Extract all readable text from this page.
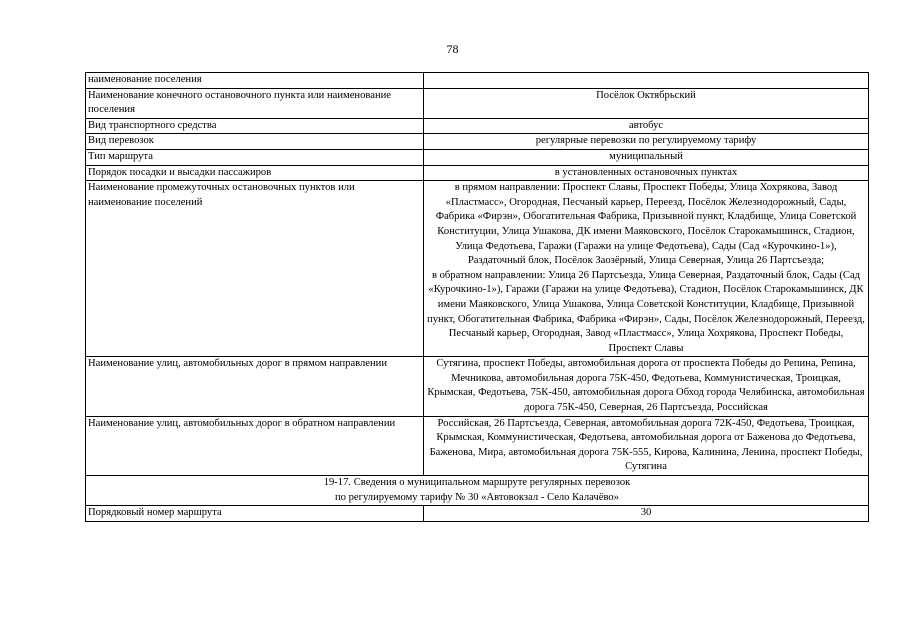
78
наименование поселения	
Наименование конечного остановочного пункта или наименование поселения	Посёлок Октябрьский
Вид транспортного средства	автобус
Вид перевозок	регулярные перевозки по регулируемому тарифу
Тип маршрута	муниципальный
Порядок посадки и высадки пассажиров	в установленных остановочных пунктах
Наименование промежуточных остановочных пунктов или наименование поселений	в прямом направлении: Проспект Славы, Проспект Победы, Улица Хохрякова, Завод «Пластмасс», Огородная, Песчаный карьер, Переезд, Посёлок Железнодорожный, Сады, Фабрика «Фирэн», Обогатительная Фабрика, Призывной пункт, Кладбище, Улица Советской Конституции, Улица Ушакова, ДК имени Маяковского, Посёлок Старокамышинск, Стадион, Улица Федотьева, Гаражи (Гаражи на улице Федотьева), Сады (Сад «Курочкино-1»), Раздаточный блок, Посёлок Заозёрный, Улица Северная, Улица 26 Партсъезда;
в обратном направлении: Улица 26 Партсъезда, Улица Северная, Раздаточный блок, Сады (Сад «Курочкино-1»), Гаражи (Гаражи на улице Федотьева), Стадион, Посёлок Старокамышинск, ДК имени Маяковского, Улица Ушакова, Улица Советской Конституции, Кладбище, Призывной пункт, Обогатительная Фабрика, Фабрика «Фирэн», Сады, Посёлок Железнодорожный, Переезд, Песчаный карьер, Огородная, Завод «Пластмасс», Улица Хохрякова, Проспект Победы, Проспект Славы

Наименование улиц, автомобильных дорог в прямом направлении	Сутягина, проспект Победы, автомобильная дорога от проспекта Победы до Репина, Репина, Мечникова, автомобильная дорога 75К-450, Федотьева, Коммунистическая, Троицкая, Крымская, Федотьева, 75К-450, автомобильная дорога Обход города Челябинска, автомобильная дорога 75К-450, Северная, 26 Партсъезда, Российская
Наименование улиц, автомобильных дорог в обратном направлении	Российская, 26 Партсъезда, Северная, автомобильная дорога 72К-450, Федотьева, Троицкая, Крымская, Коммунистическая, Федотьева, автомобильная дорога от Баженова до Федотьева, Баженова, Мира, автомобильная дорога 75К-555, Кирова, Калинина, Ленина, проспект Победы, Сутягина

19-17. Сведения о муниципальном маршруте регулярных перевозок
по регулируемому тарифу № 30 «Автовокзал - Село Калачёво»	

Порядковый номер маршрута	30
